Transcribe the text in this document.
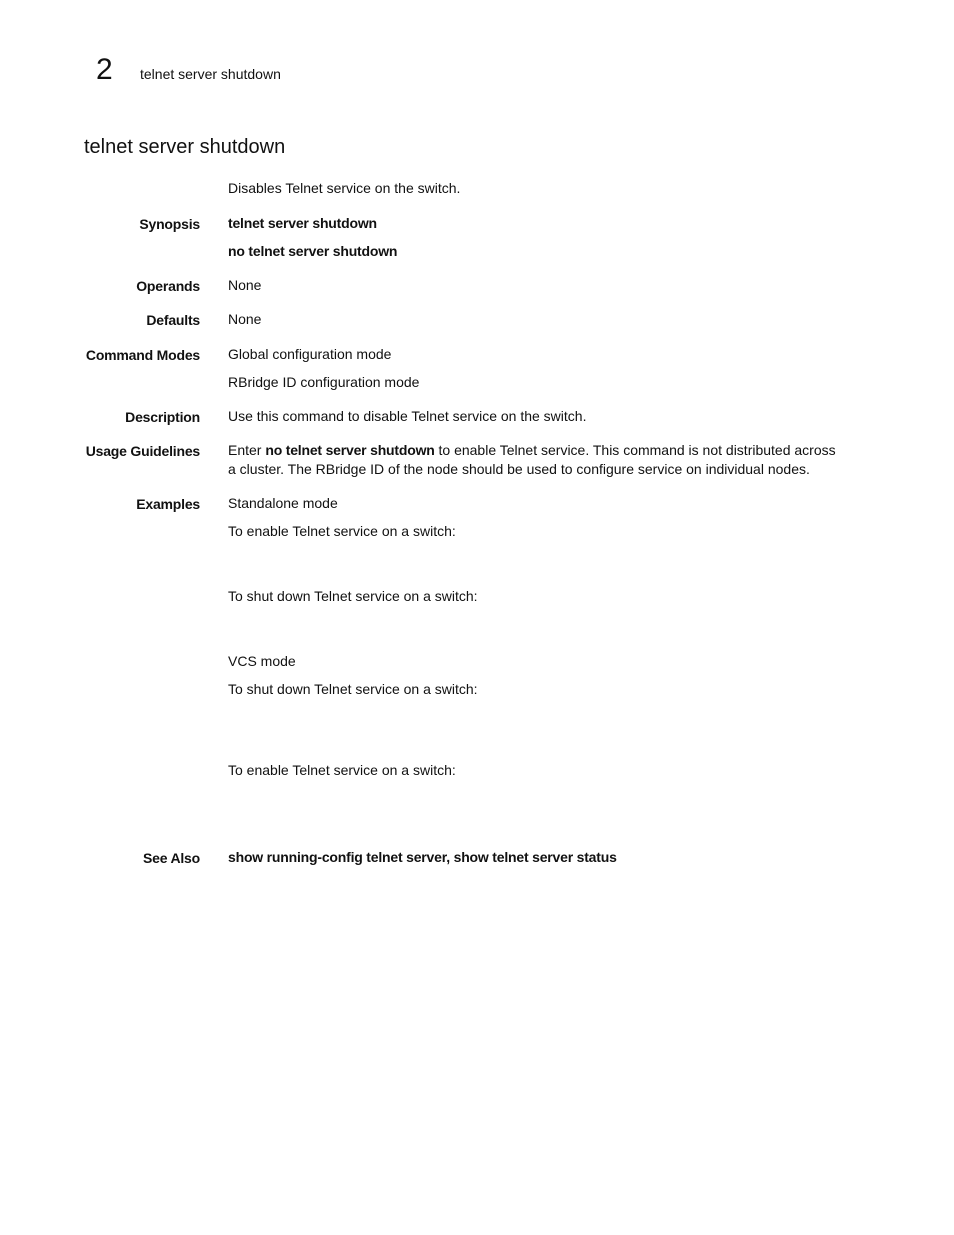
2 telnet server shutdown
telnet server shutdown
Disables Telnet service on the switch.
Synopsis telnet server shutdown
no telnet server shutdown
Operands None
Defaults None
Command Modes Global configuration mode
RBridge ID configuration mode
Description Use this command to disable Telnet service on the switch.
Usage Guidelines Enter no telnet server shutdown to enable Telnet service. This command is not distributed across
a cluster. The RBridge ID of the node should be used to configure service on individual nodes.
Examples Standalone mode
To enable Telnet service on a switch:
To shut down Telnet service on a switch:
VCS mode
To shut down Telnet service on a switch:
To enable Telnet service on a switch:
See Also show running-config telnet server, show telnet server status
